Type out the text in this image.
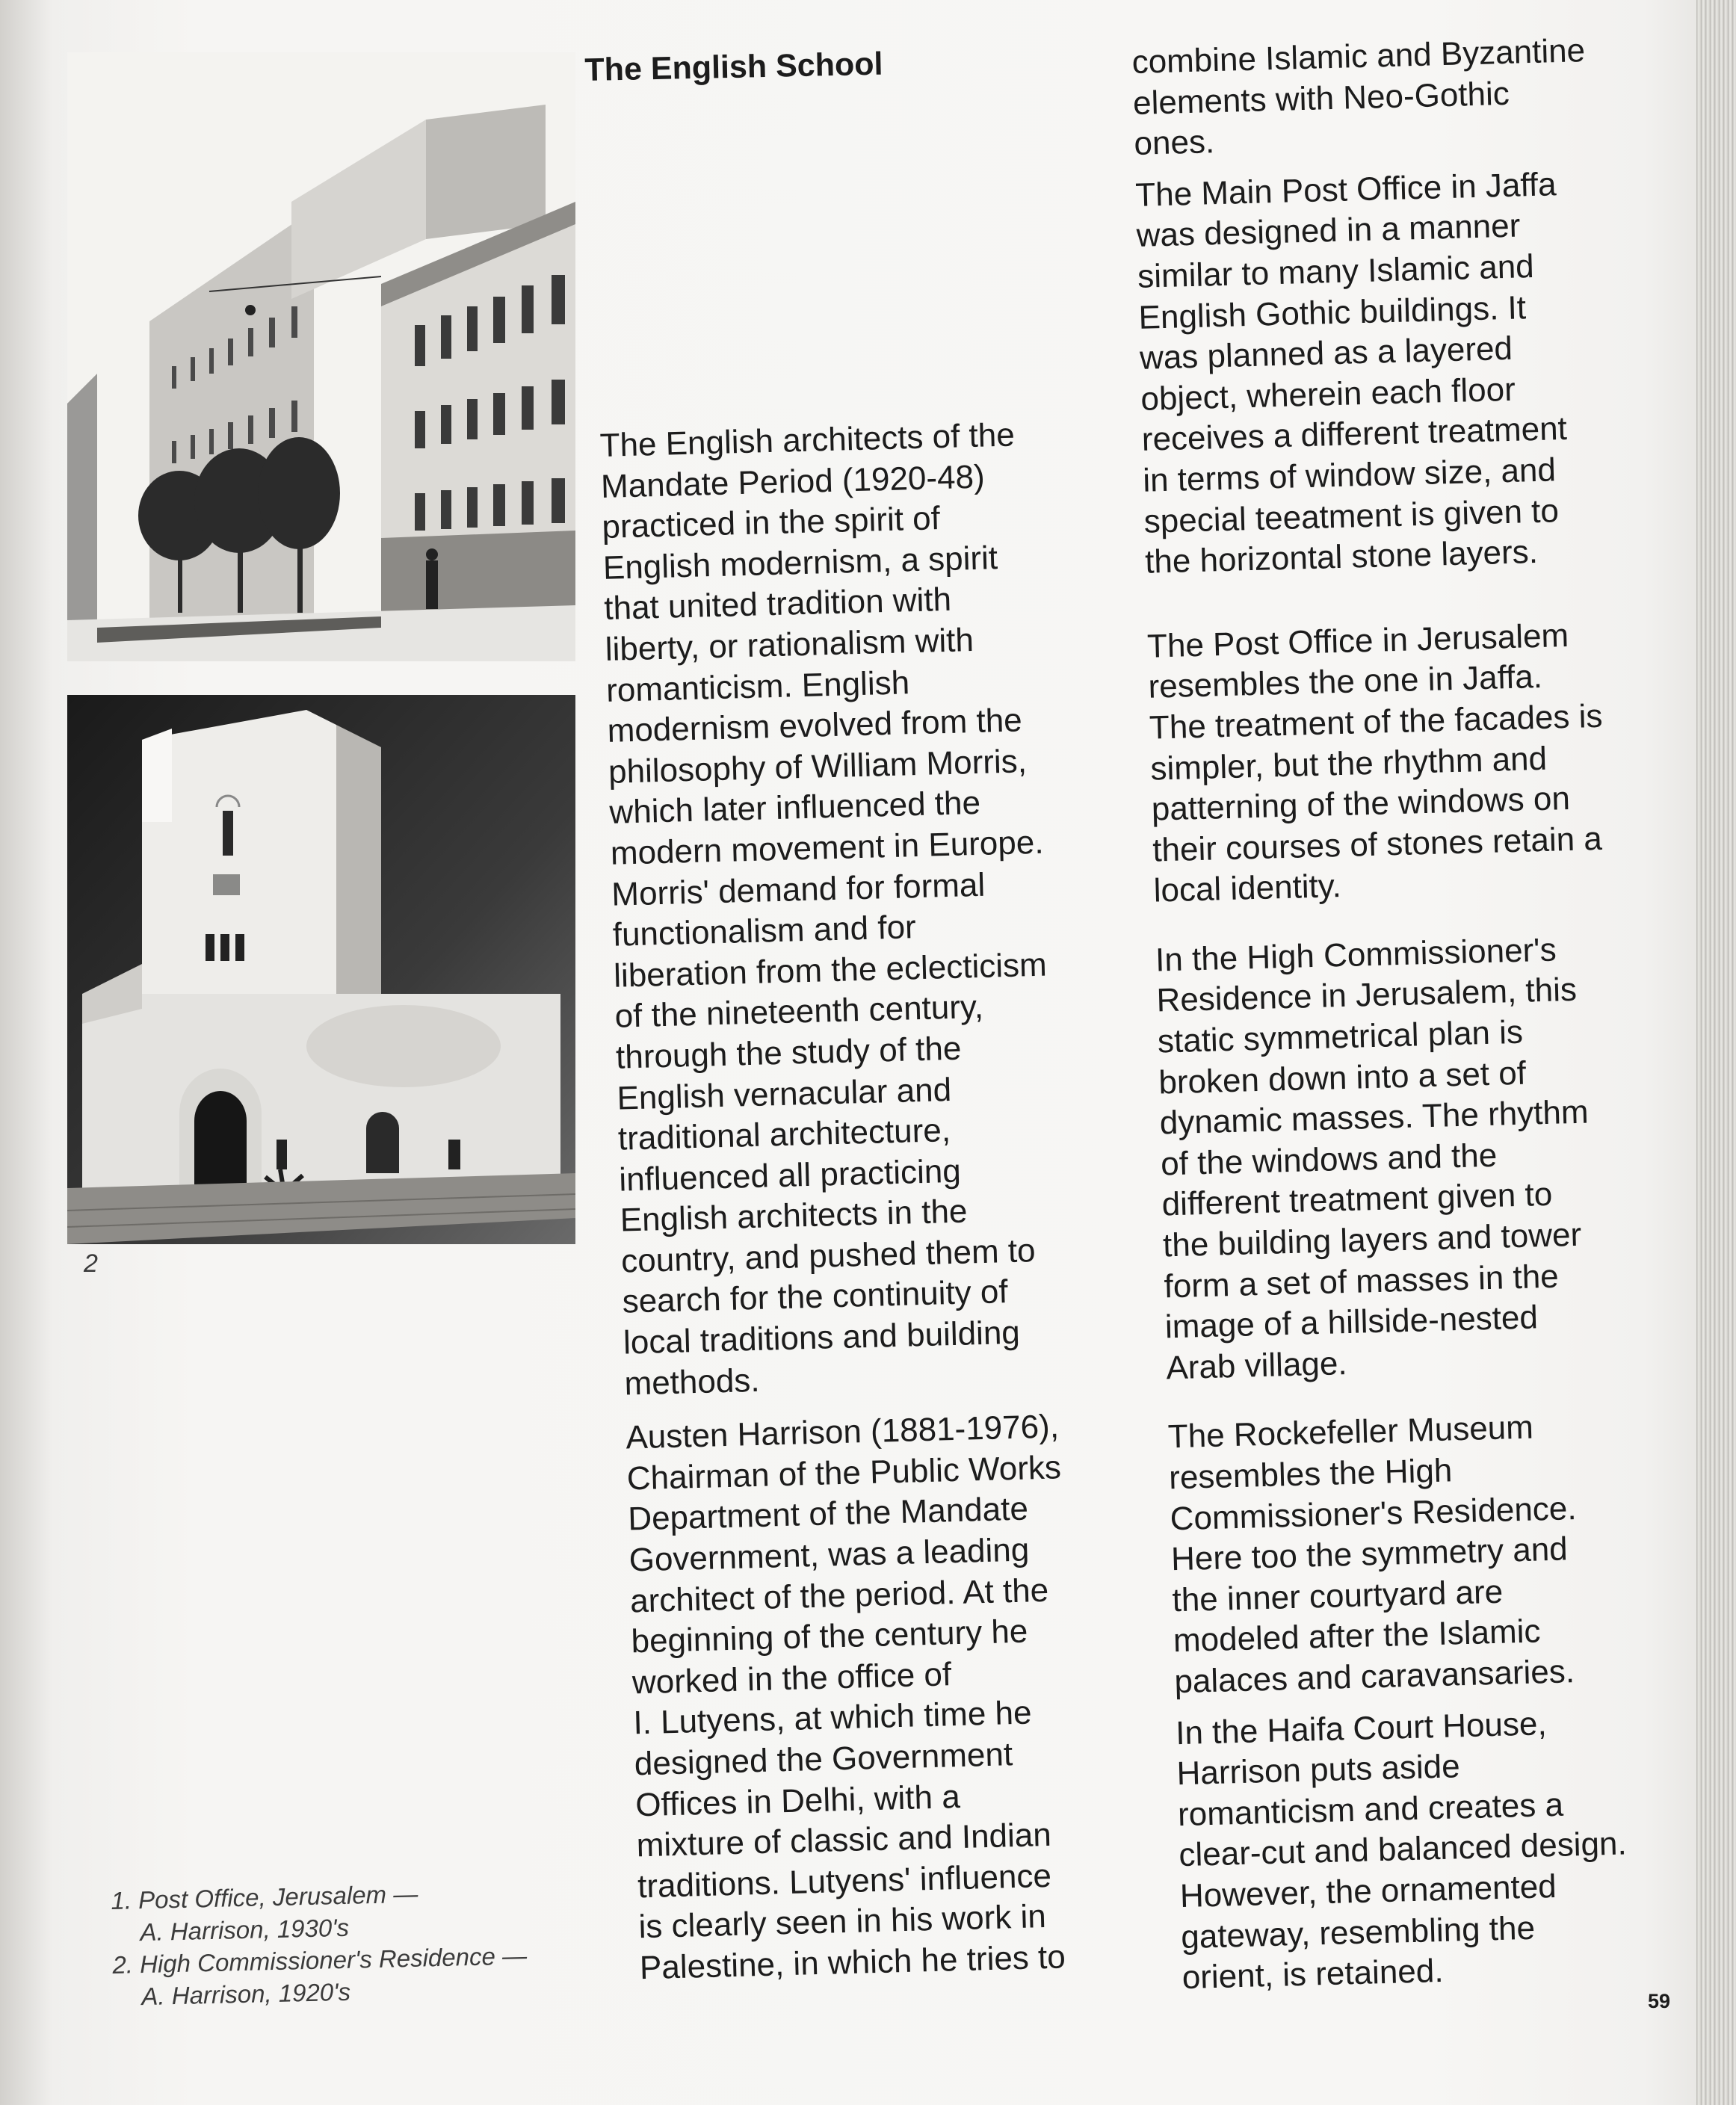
2
The English School

The English architects of the
Mandate Period (1920-48)
practiced in the spirit of
English modernism, a spirit
that united tradition with
liberty, or rationalism with
romanticism. English
modernism evolved from the
philosophy of William Morris,
which later influenced the
modern movement in Europe.
Morris' demand for formal
functionalism and for
liberation from the eclecticism
of the nineteenth century,
through the study of the
English vernacular and
traditional architecture,
influenced all practicing
English architects in the
country, and pushed them to
search for the continuity of
local traditions and building
methods.

Austen Harrison (1881-1976),
Chairman of the Public Works
Department of the Mandate
Government, was a leading
architect of the period. At the
beginning of the century he
worked in the office of
I. Lutyens, at which time he
designed the Government
Offices in Delhi, with a
mixture of classic and Indian
traditions. Lutyens' influence
is clearly seen in his work in
Palestine, in which he tries to

combine Islamic and Byzantine
elements with Neo-Gothic
ones.

The Main Post Office in Jaffa
was designed in a manner
similar to many Islamic and
English Gothic buildings. It
was planned as a layered
object, wherein each floor
receives a different treatment
in terms of window size, and
special teeatment is given to
the horizontal stone layers.

The Post Office in Jerusalem
resembles the one in Jaffa.
The treatment of the facades is
simpler, but the rhythm and
patterning of the windows on
their courses of stones retain a
local identity.

In the High Commissioner's
Residence in Jerusalem, this
static symmetrical plan is
broken down into a set of
dynamic masses. The rhythm
of the windows and the
different treatment given to
the building layers and tower
form a set of masses in the
image of a hillside-nested
Arab village.

The Rockefeller Museum
resembles the High
Commissioner's Residence.
Here too the symmetry and
the inner courtyard are
modeled after the Islamic
palaces and caravansaries.

In the Haifa Court House,
Harrison puts aside
romanticism and creates a
clear-cut and balanced design.
However, the ornamented
gateway, resembling the
orient, is retained.

1. Post Office, Jerusalem —
A. Harrison, 1930's
2. High Commissioner's Residence —
A. Harrison, 1920's	59
